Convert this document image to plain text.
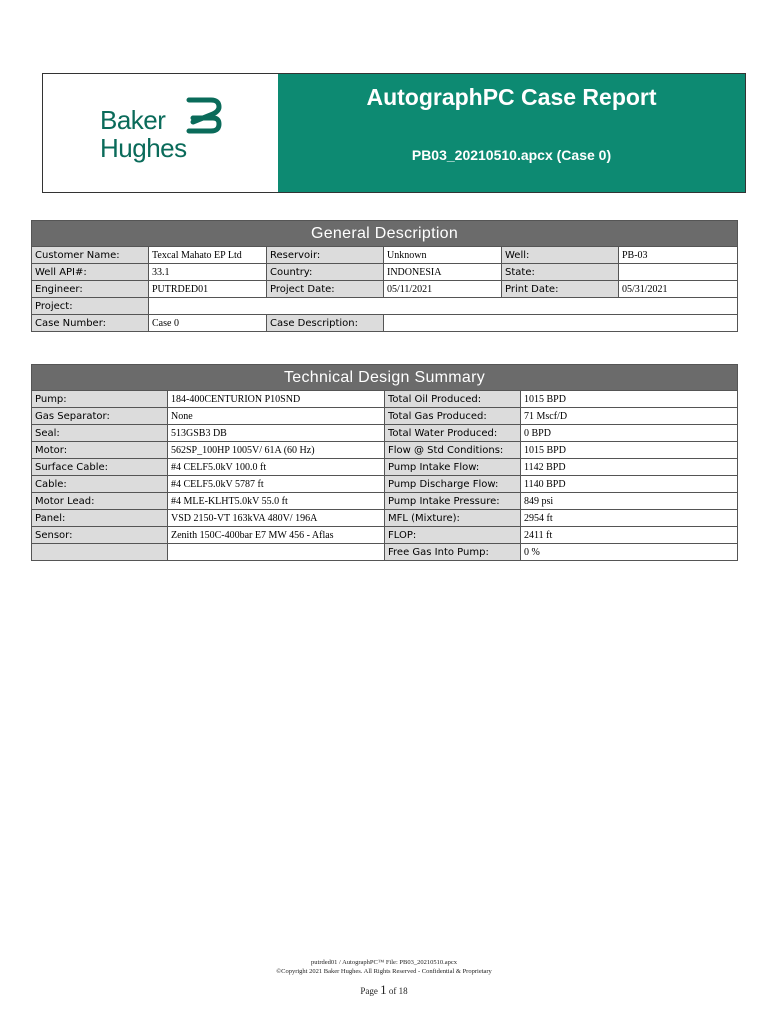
Baker
Hughes
AutographPC Case Report
PB03_20210510.apcx (Case 0)
General Description					
Customer Name:	Texcal Mahato EP Ltd	Reservoir:	Unknown	Well:	PB-03
Well API#:	33.1	Country:	INDONESIA	State:	
Engineer:	PUTRDED01	Project Date:	05/11/2021	Print Date:	05/31/2021
Project:					
Case Number:	Case 0	Case Description:			
Technical Design Summary			
Pump:	184-400CENTURION P10SND	Total Oil Produced:	1015 BPD
Gas Separator:	None	Total Gas Produced:	71 Mscf/D
Seal:	513GSB3 DB	Total Water Produced:	0 BPD
Motor:	562SP_100HP 1005V/ 61A (60 Hz)	Flow @ Std Conditions:	1015 BPD
Surface Cable:	#4 CELF5.0kV 100.0 ft	Pump Intake Flow:	1142 BPD
Cable:	#4 CELF5.0kV 5787 ft	Pump Discharge Flow:	1140 BPD
Motor Lead:	#4 MLE-KLHT5.0kV 55.0 ft	Pump Intake Pressure:	849 psi
Panel:	VSD 2150-VT 163kVA 480V/ 196A	MFL (Mixture):	2954 ft
Sensor:	Zenith 150C-400bar E7 MW 456 - Aflas	FLOP:	2411 ft
		Free Gas Into Pump:	0 %
putrded01 / AutographPC™ File: PB03_20210510.apcx
©Copyright 2021 Baker Hughes. All Rights Reserved - Confidential & Proprietary
Page 1 of 18
